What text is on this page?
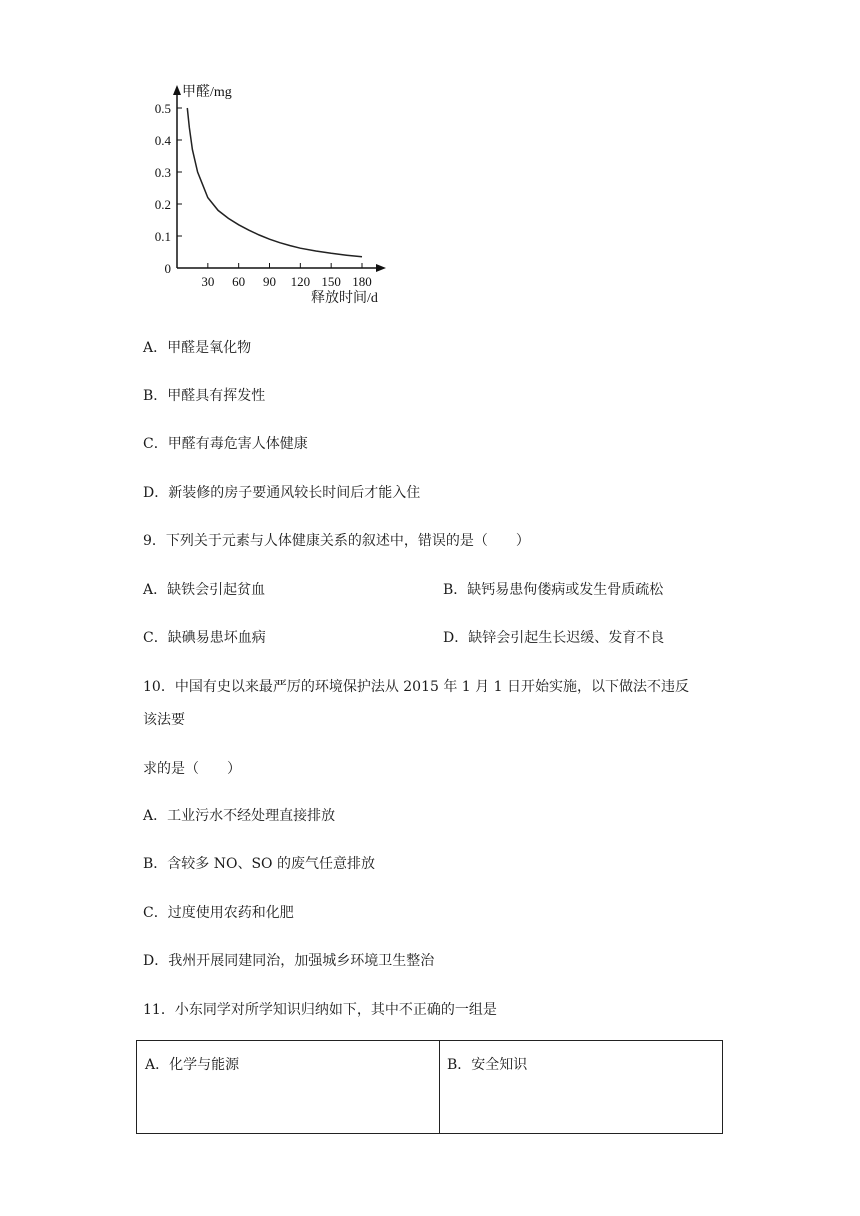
0
0.1
0.2
0.3
0.4
0.5
30 60 90 120 150 180
甲醛/mg
释放时间/d
A．甲醛是氧化物
B．甲醛具有挥发性
C．甲醛有毒危害人体健康
D．新装修的房子要通风较长时间后才能入住
9．下列关于元素与人体健康关系的叙述中，错误的是（　　）
A．缺铁会引起贫血	B．缺钙易患佝偻病或发生骨质疏松
C．缺碘易患坏血病	D．缺锌会引起生长迟缓、发育不良
10．中国有史以来最严厉的环境保护法从 2015 年 1 月 1 日开始实施，以下做法不违反
该法要
求的是（　　）
A．工业污水不经处理直接排放
B．含较多 NO、SO 的废气任意排放
C．过度使用农药和化肥
D．我州开展同建同治，加强城乡环境卫生整治
11．小东同学对所学知识归纳如下，其中不正确的一组是
A．化学与能源	B．安全知识
